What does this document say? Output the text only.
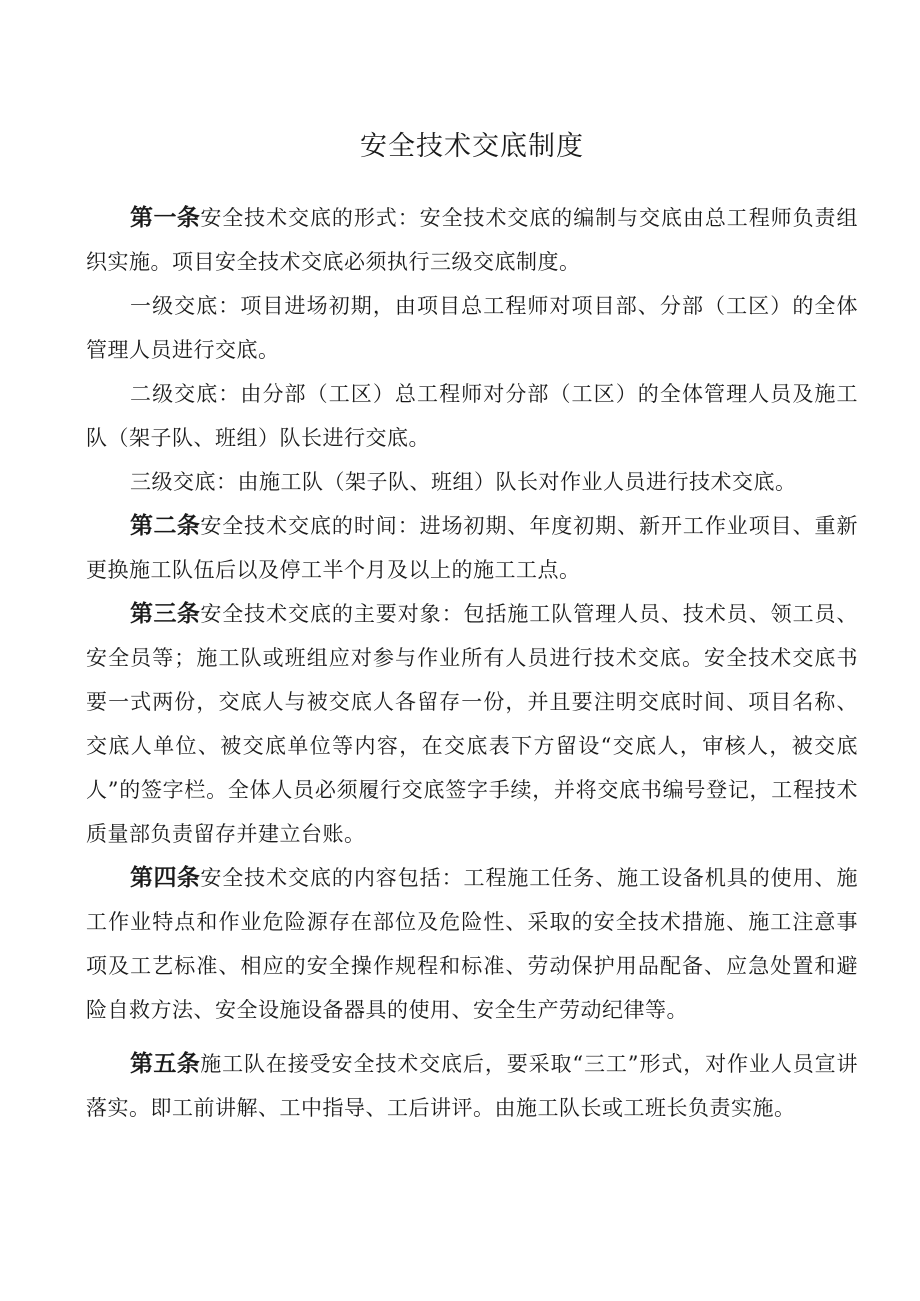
安全技术交底制度

第一条安全技术交底的形式：安全技术交底的编制与交底由总工程师负责组织实施。项目安全技术交底必须执行三级交底制度。

一级交底：项目进场初期，由项目总工程师对项目部、分部（工区）的全体管理人员进行交底。

二级交底：由分部（工区）总工程师对分部（工区）的全体管理人员及施工队（架子队、班组）队长进行交底。

三级交底：由施工队（架子队、班组）队长对作业人员进行技术交底。

第二条安全技术交底的时间：进场初期、年度初期、新开工作业项目、重新更换施工队伍后以及停工半个月及以上的施工工点。

第三条安全技术交底的主要对象：包括施工队管理人员、技术员、领工员、安全员等；施工队或班组应对参与作业所有人员进行技术交底。安全技术交底书要一式两份，交底人与被交底人各留存一份，并且要注明交底时间、项目名称、交底人单位、被交底单位等内容，在交底表下方留设“交底人，审核人，被交底人”的签字栏。全体人员必须履行交底签字手续，并将交底书编号登记，工程技术质量部负责留存并建立台账。

第四条安全技术交底的内容包括：工程施工任务、施工设备机具的使用、施工作业特点和作业危险源存在部位及危险性、采取的安全技术措施、施工注意事项及工艺标准、相应的安全操作规程和标准、劳动保护用品配备、应急处置和避险自救方法、安全设施设备器具的使用、安全生产劳动纪律等。

第五条施工队在接受安全技术交底后，要采取“三工”形式，对作业人员宣讲落实。即工前讲解、工中指导、工后讲评。由施工队长或工班长负责实施。
